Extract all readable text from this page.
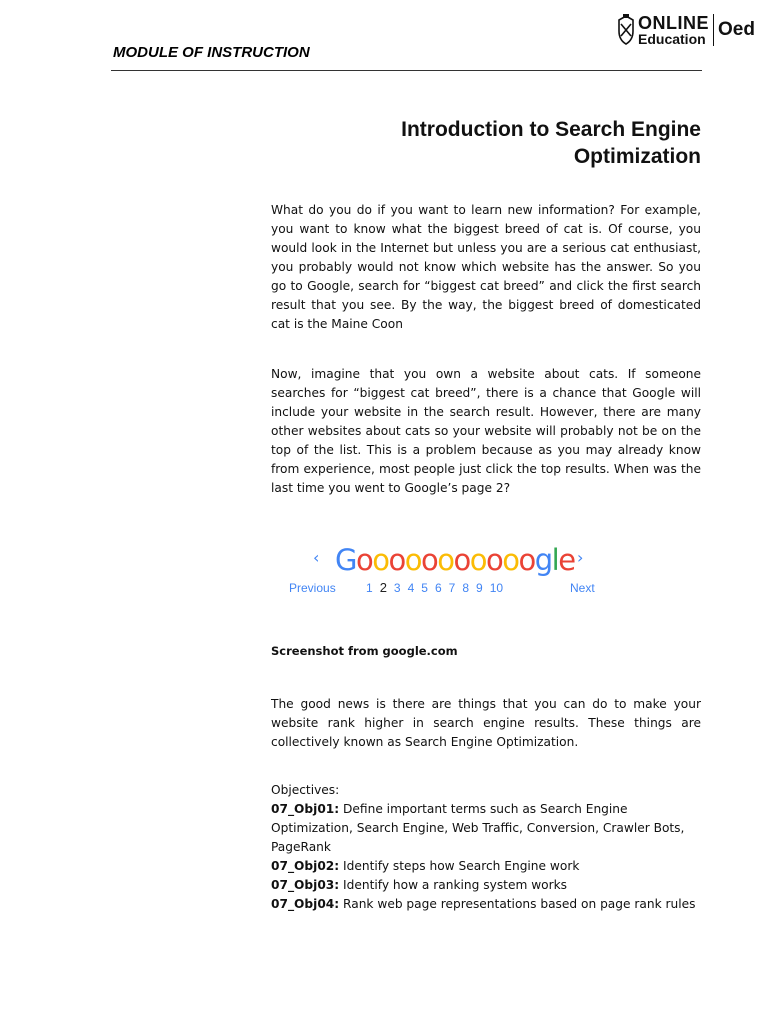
MODULE OF INSTRUCTION
ONLINE
Education Oed
Introduction to Search Engine
Optimization

What do you do if you want to learn new information? For example, you want to know what the biggest breed of cat is. Of course, you would look in the Internet but unless you are a serious cat enthusiast, you probably would not know which website has the answer. So you go to Google, search for “biggest cat breed” and click the first search result that you see. By the way, the biggest breed of domesticated cat is the Maine Coon

Now, imagine that you own a website about cats. If someone searches for “biggest cat breed”, there is a chance that Google will include your website in the search result. However, there are many other websites about cats so your website will probably not be on the top of the list. This is a problem because as you may already know from experience, most people just click the top results. When was the last time you went to Google’s page 2?

‹ Gooooooooooogle ›
Previous	1 2 3 4 5 6 7 8 9 10	Next
Screenshot from google.com

The good news is there are things that you can do to make your website rank higher in search engine results. These things are collectively known as Search Engine Optimization.

Objectives:
07_Obj01: Define important terms such as Search Engine Optimization, Search Engine, Web Traffic, Conversion, Crawler Bots, PageRank
07_Obj02: Identify steps how Search Engine work
07_Obj03: Identify how a ranking system works
07_Obj04: Rank web page representations based on page rank rules
